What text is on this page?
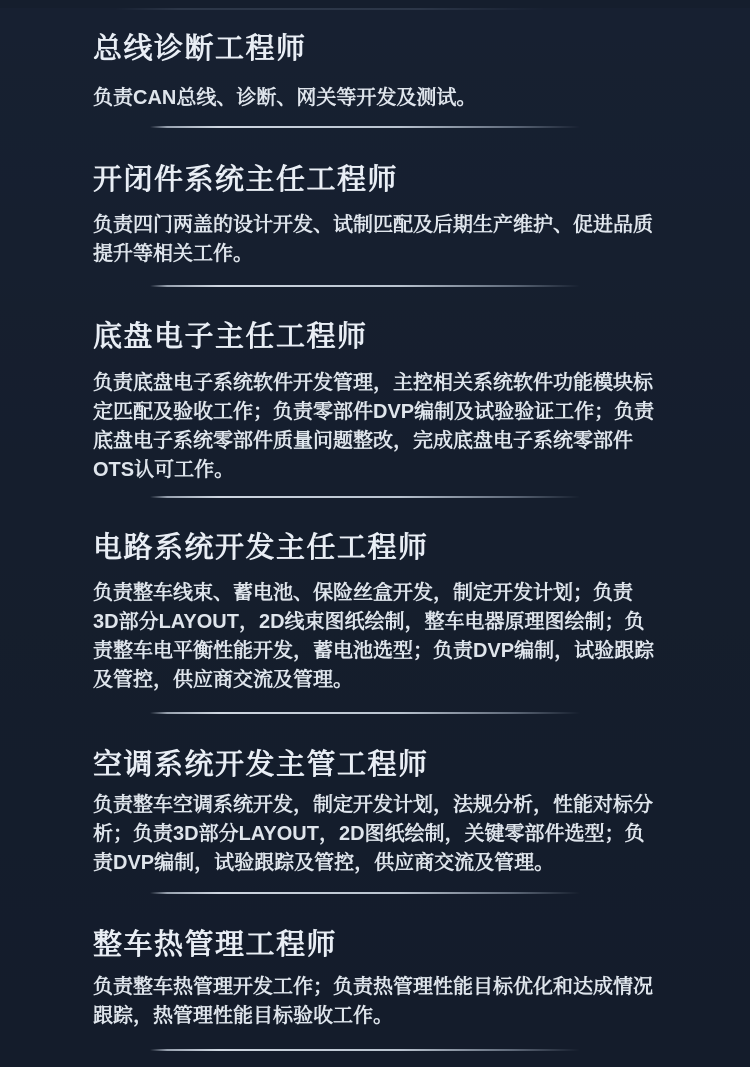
总线诊断工程师

负责CAN总线、诊断、网关等开发及测试。

开闭件系统主任工程师

负责四门两盖的设计开发、试制匹配及后期生产维护、促进品质提升等相关工作。

底盘电子主任工程师

负责底盘电子系统软件开发管理，主控相关系统软件功能模块标定匹配及验收工作；负责零部件DVP编制及试验验证工作；负责底盘电子系统零部件质量问题整改，完成底盘电子系统零部件OTS认可工作。

电路系统开发主任工程师

负责整车线束、蓄电池、保险丝盒开发，制定开发计划；负责3D部分LAYOUT，2D线束图纸绘制，整车电器原理图绘制；负责整车电平衡性能开发，蓄电池选型；负责DVP编制，试验跟踪及管控，供应商交流及管理。

空调系统开发主管工程师

负责整车空调系统开发，制定开发计划，法规分析，性能对标分析；负责3D部分LAYOUT，2D图纸绘制，关键零部件选型；负责DVP编制，试验跟踪及管控，供应商交流及管理。

整车热管理工程师

负责整车热管理开发工作；负责热管理性能目标优化和达成情况跟踪，热管理性能目标验收工作。
